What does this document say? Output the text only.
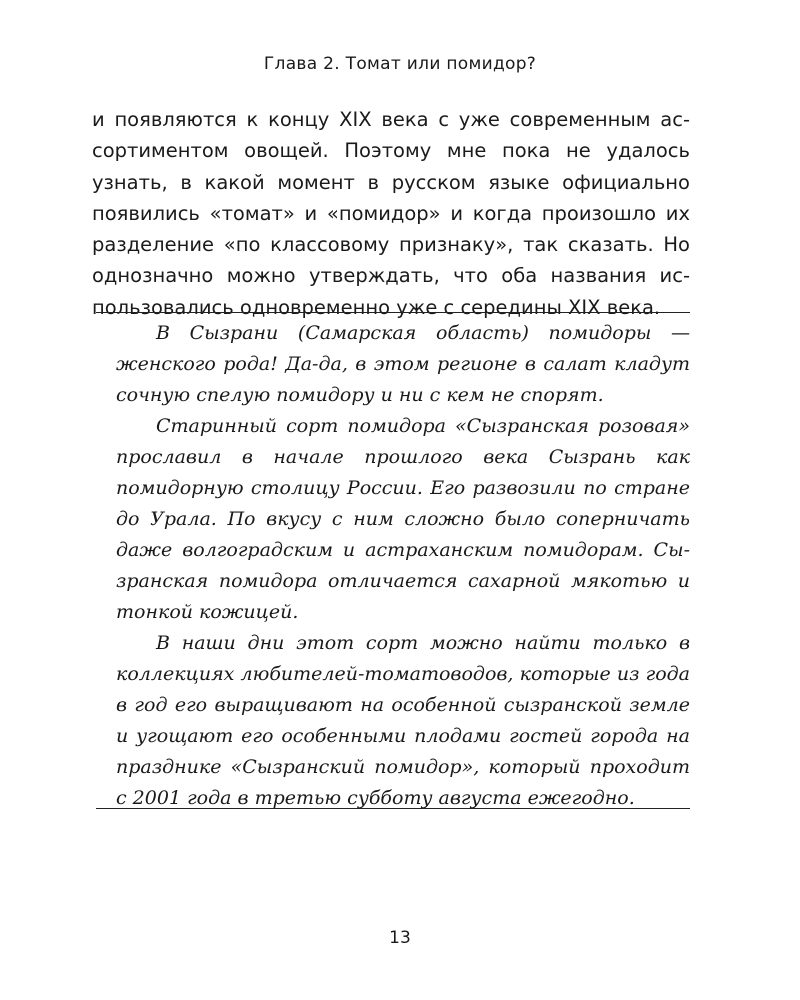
Глава 2. Томат или помидор?

и появляются к концу XIX века с уже современным ассортиментом овощей. Поэтому мне пока не удалось узнать, в какой момент в русском языке официально появились «томат» и «помидор» и когда произошло их разделение «по классовому признаку», так сказать. Но однозначно можно утверждать, что оба названия использовались одновременно уже с середины XIX века.

В Сызрани (Самарская область) помидоры — женского рода! Да-да, в этом регионе в салат кладут сочную спелую помидору и ни с кем не спорят.

Старинный сорт помидора «Сызранская розовая» прославил в начале прошлого века Сызрань как помидорную столицу России. Его развозили по стране до Урала. По вкусу с ним сложно было соперничать даже волгоградским и астраханским помидорам. Сызранская помидора отличается сахарной мякотью и тонкой кожицей.

В наши дни этот сорт можно найти только в коллекциях любителей-томатоводов, которые из года в год его выращивают на особенной сызранской земле и угощают его особенными плодами гостей города на празднике «Сызранский помидор», который проходит с 2001 года в третью субботу августа ежегодно.

13
